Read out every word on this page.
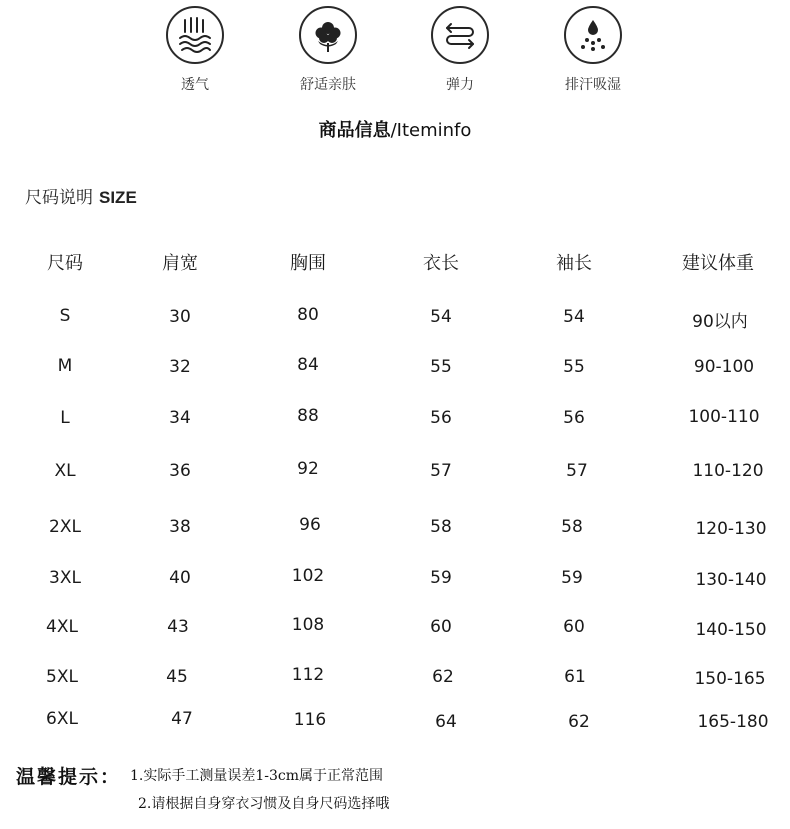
透气	舒适亲肤	弹力	排汗吸湿
商品信息/Iteminfo
尺码说明 SIZE
尺码	肩宽	胸围	衣长	袖长	建议体重
S	30	80	54	54	90以内
M	32	84	55	55	90-100
L	34	88	56	56	100-110
XL	36	92	57	57	110-120
2XL	38	96	58	58	120-130
3XL	40	102	59	59	130-140
4XL	43	108	60	60	140-150
5XL	45	112	62	61	150-165
6XL	47	116	64	62	165-180
温馨提示： 1.实际手工测量误差1-3cm属于正常范围
2.请根据自身穿衣习惯及自身尺码选择哦
